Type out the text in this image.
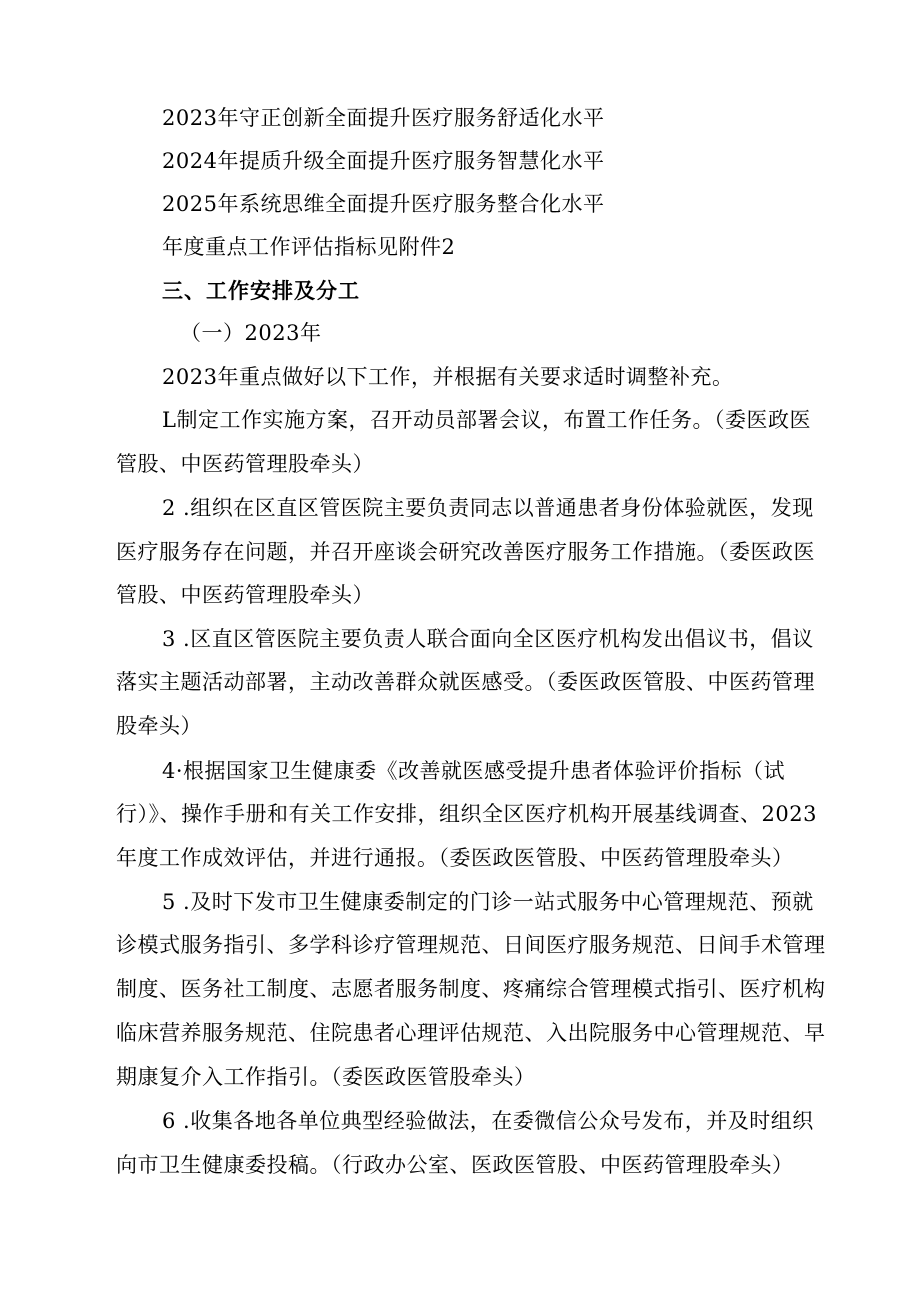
2023年守正创新全面提升医疗服务舒适化水平
2024年提质升级全面提升医疗服务智慧化水平
2025年系统思维全面提升医疗服务整合化水平
年度重点工作评估指标见附件2
三、工作安排及分工
（一）2023年
2023年重点做好以下工作，并根据有关要求适时调整补充。
L制定工作实施方案，召开动员部署会议，布置工作任务。（委医政医
管股、中医药管理股牵头）
2 .组织在区直区管医院主要负责同志以普通患者身份体验就医，发现
医疗服务存在问题，并召开座谈会研究改善医疗服务工作措施。（委医政医
管股、中医药管理股牵头）
3 .区直区管医院主要负责人联合面向全区医疗机构发出倡议书，倡议
落实主题活动部署，主动改善群众就医感受。（委医政医管股、中医药管理
股牵头）
4·根据国家卫生健康委《改善就医感受提升患者体验评价指标（试
行）》、操作手册和有关工作安排，组织全区医疗机构开展基线调查、2023
年度工作成效评估，并进行通报。（委医政医管股、中医药管理股牵头）
5 .及时下发市卫生健康委制定的门诊一站式服务中心管理规范、预就
诊模式服务指引、多学科诊疗管理规范、日间医疗服务规范、日间手术管理
制度、医务社工制度、志愿者服务制度、疼痛综合管理模式指引、医疗机构
临床营养服务规范、住院患者心理评估规范、入出院服务中心管理规范、早
期康复介入工作指引。（委医政医管股牵头）
6 .收集各地各单位典型经验做法，在委微信公众号发布，并及时组织
向市卫生健康委投稿。（行政办公室、医政医管股、中医药管理股牵头）
